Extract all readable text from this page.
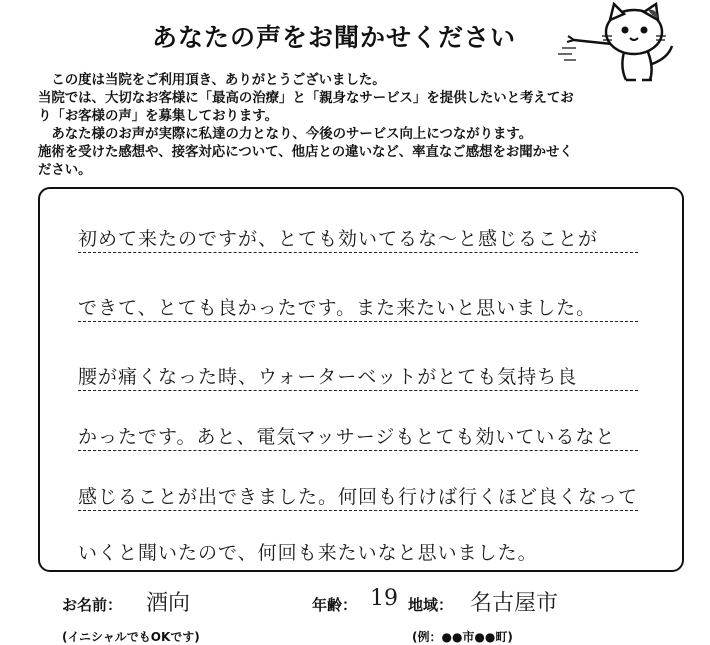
あなたの声をお聞かせください

この度は当院をご利用頂き、ありがとうございました。

当院では、大切なお客様に「最高の治療」と「親身なサービス」を提供したいと考えてお

り「お客様の声」を募集しております。

あなた様のお声が実際に私達の力となり、今後のサービス向上につながります。

施術を受けた感想や、接客対応について、他店との違いなど、率直なご感想をお聞かせく

ださい。

初めて来たのですが、とても効いてるな〜と感じることが
できて、とても良かったです。また来たいと思いました。
腰が痛くなった時、ウォーターベットがとても気持ち良
かったです。あと、電気マッサージもとても効いているなと
感じることが出できました。何回も行けば行くほど良くなって
いくと聞いたので、何回も来たいなと思いました。
お名前： 酒向	年齢： 19 地域： 名古屋市
(イニシャルでもOKです)	(例：●●市●●町)
